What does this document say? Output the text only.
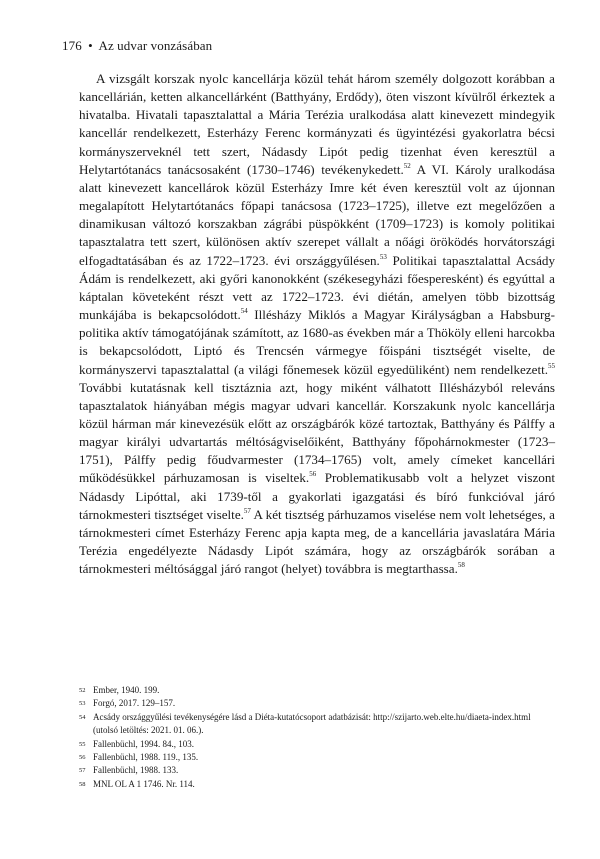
176 • Az udvar vonzásában

A vizsgált korszak nyolc kancellárja közül tehát három személy dolgozott korábban a kancellárián, ketten alkancellárként (Batthyány, Erdődy), öten viszont kívülről érkeztek a hivatalba. Hivatali tapasztalattal a Mária Terézia uralkodása alatt kinevezett mindegyik kancellár rendelkezett, Esterházy Ferenc kormányzati és ügyintézési gyakorlatra bécsi kormányszerveknél tett szert, Nádasdy Lipót pedig tizenhat éven keresztül a Helytartótanács tanácsosaként (1730–1746) tevékenykedett.$^{52}$ A VI. Károly uralkodása alatt kinevezett kancellárok közül Esterházy Imre két éven keresztül volt az újonnan megalapított Helytartótanács főpapi tanácsosa (1723–1725), illetve ezt megelőzően a dinamikusan változó korszakban zágrábi püspökként (1709–1723) is komoly politikai tapasztalatra tett szert, különösen aktív szerepet vállalt a nőági öröködés horvátországi elfogadtatásában és az 1722–1723. évi országgyűlésen.$^{53}$ Politikai tapasztalattal Acsády Ádám is rendelkezett, aki győri kanonokként (székesegyházi főesperesként) és egyúttal a káptalan követeként részt vett az 1722–1723. évi diétán, amelyen több bizottság munkájába is bekapcsolódott.$^{54}$ Illésházy Miklós a Magyar Királyságban a Habsburg-politika aktív támogatójának számított, az 1680-as években már a Thököly elleni harcokba is bekapcsolódott, Liptó és Trencsén vármegye főispáni tisztségét viselte, de kormányszervi tapasztalattal (a világi főnemesek közül egyedüliként) nem rendelkezett.$^{55}$ További kutatásnak kell tisztáznia azt, hogy miként válhatott Illésházyból releváns tapasztalatok hiányában mégis magyar udvari kancellár. Korszakunk nyolc kancellárja közül hárman már kinevezésük előtt az országbárók közé tartoztak, Batthyány és Pálffy a magyar királyi udvartartás méltóságviselőiként, Batthyány főpohárnokmester (1723–1751), Pálffy pedig főudvarmester (1734–1765) volt, amely címeket kancellári működésükkel párhuzamosan is viseltek.$^{56}$ Problematikusabb volt a helyzet viszont Nádasdy Lipóttal, aki 1739-től a gyakorlati igazgatási és bíró funkcióval járó tárnokmesteri tisztséget viselte.$^{57}$ A két tisztség párhuzamos viselése nem volt lehetséges, a tárnokmesteri címet Esterházy Ferenc apja kapta meg, de a kancellária javaslatára Mária Terézia engedélyezte Nádasdy Lipót számára, hogy az országbárók sorában a tárnokmesteri méltósággal járó rangot (helyet) továbbra is megtarthassa.$^{58}$

52 Ember, 1940. 199.
53 Forgó, 2017. 129–157.
54 Acsády országgyűlési tevékenységére lásd a Diéta-kutatócsoport adatbázisát: http://szijarto.web.elte.hu/diaeta-index.html (utolsó letöltés: 2021. 01. 06.).
55 Fallenbüchl, 1994. 84., 103.
56 Fallenbüchl, 1988. 119., 135.
57 Fallenbüchl, 1988. 133.
58 MNL OL A 1 1746. Nr. 114.
